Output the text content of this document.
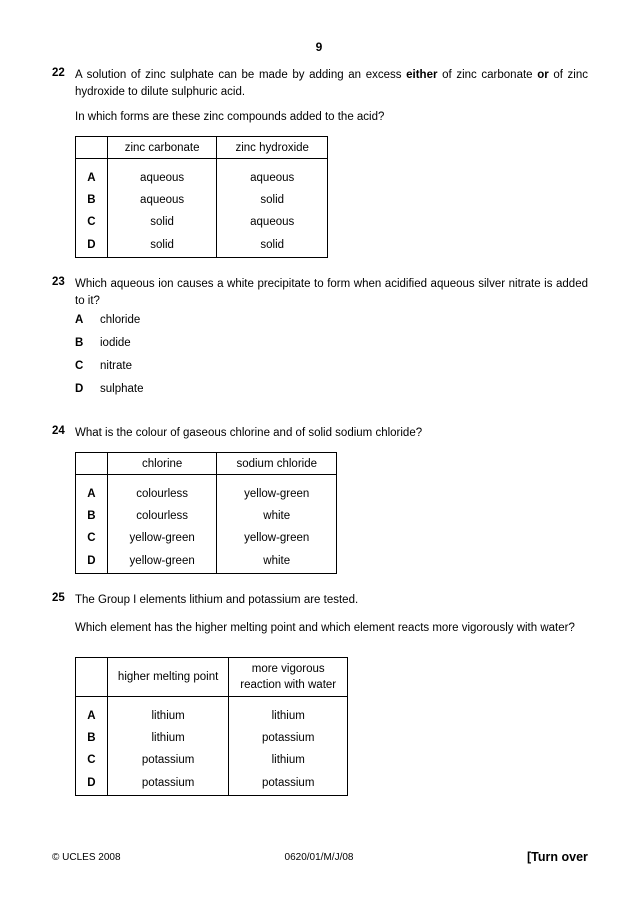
9
22 A solution of zinc sulphate can be made by adding an excess either of zinc carbonate or of zinc hydroxide to dilute sulphuric acid.
In which forms are these zinc compounds added to the acid?
	zinc carbonate	zinc hydroxide
A	aqueous	aqueous
B	aqueous	solid
C	solid	aqueous
D	solid	solid
23 Which aqueous ion causes a white precipitate to form when acidified aqueous silver nitrate is added to it?
A chloride
B iodide
C nitrate
D sulphate
24 What is the colour of gaseous chlorine and of solid sodium chloride?
	chlorine	sodium chloride
A	colourless	yellow-green
B	colourless	white
C	yellow-green	yellow-green
D	yellow-green	white
25 The Group I elements lithium and potassium are tested.
Which element has the higher melting point and which element reacts more vigorously with water?
	higher melting point	more vigorous reaction with water
A	lithium	lithium
B	lithium	potassium
C	potassium	lithium
D	potassium	potassium
© UCLES 2008	0620/01/M/J/08	[Turn over
